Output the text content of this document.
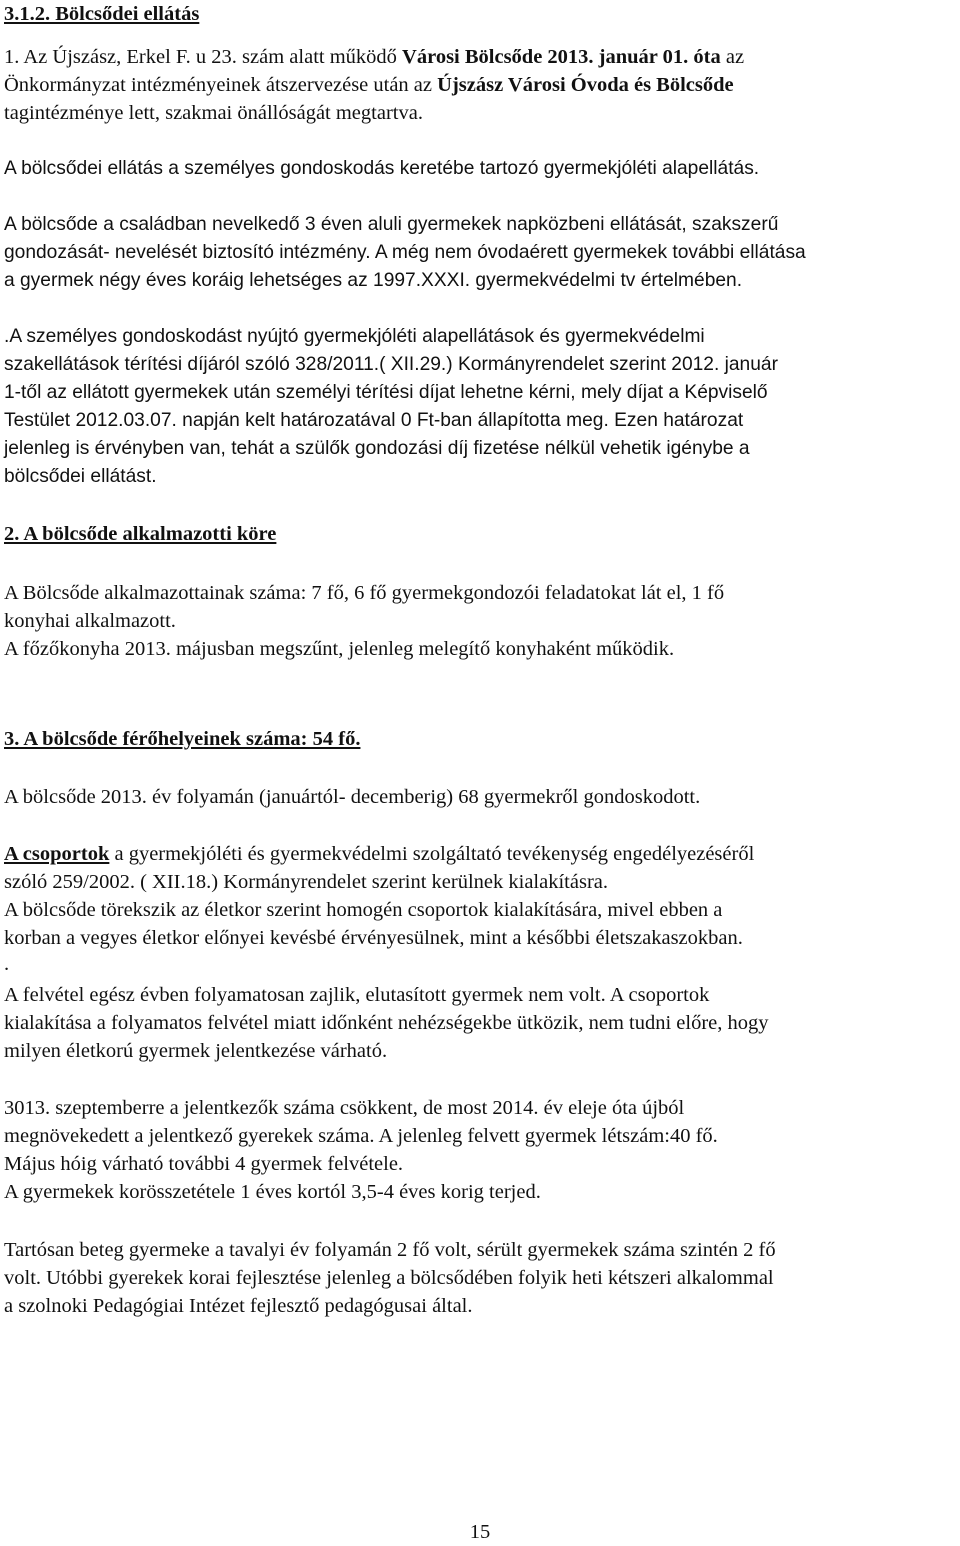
3.1.2. Bölcsődei ellátás
1. Az Újszász, Erkel F. u 23. szám alatt működő Városi Bölcsőde 2013. január 01. óta az
Önkormányzat intézményeinek átszervezése után az Újszász Városi Óvoda és Bölcsőde
tagintézménye lett, szakmai önállóságát megtartva.
A bölcsődei ellátás a személyes gondoskodás keretébe tartozó gyermekjóléti alapellátás.
A bölcsőde a családban nevelkedő 3 éven aluli gyermekek napközbeni ellátását, szakszerű
gondozását- nevelését biztosító intézmény. A még nem óvodaérett gyermekek további ellátása
a gyermek négy éves koráig lehetséges az 1997.XXXI. gyermekvédelmi tv értelmében.
.A személyes gondoskodást nyújtó gyermekjóléti alapellátások és gyermekvédelmi
szakellátások térítési díjáról szóló 328/2011.( XII.29.) Kormányrendelet szerint 2012. január
1-től az ellátott gyermekek után személyi térítési díjat lehetne kérni, mely díjat a Képviselő
Testület 2012.03.07. napján kelt határozatával 0 Ft-ban állapította meg. Ezen határozat
jelenleg is érvényben van, tehát a szülők gondozási díj fizetése nélkül vehetik igénybe a
bölcsődei ellátást.
2. A bölcsőde alkalmazotti köre
A Bölcsőde alkalmazottainak száma: 7 fő, 6 fő gyermekgondozói feladatokat lát el, 1 fő
konyhai alkalmazott.
A főzőkonyha 2013. májusban megszűnt, jelenleg melegítő konyhaként működik.
3. A bölcsőde férőhelyeinek száma: 54 fő.
A bölcsőde 2013. év folyamán (januártól- decemberig) 68 gyermekről gondoskodott.
A csoportok a gyermekjóléti és gyermekvédelmi szolgáltató tevékenység engedélyezéséről
szóló 259/2002. ( XII.18.) Kormányrendelet szerint kerülnek kialakításra.
A bölcsőde törekszik az életkor szerint homogén csoportok kialakítására, mivel ebben a
korban a vegyes életkor előnyei kevésbé érvényesülnek, mint a későbbi életszakaszokban.
.
A felvétel egész évben folyamatosan zajlik, elutasított gyermek nem volt. A csoportok
kialakítása a folyamatos felvétel miatt időnként nehézségekbe ütközik, nem tudni előre, hogy
milyen életkorú gyermek jelentkezése várható.
3013. szeptemberre a jelentkezők száma csökkent, de most 2014. év eleje óta újból
megnövekedett a jelentkező gyerekek száma. A jelenleg felvett gyermek létszám:40 fő.
Május hóig várható további 4 gyermek felvétele.
A gyermekek korösszetétele 1 éves kortól 3,5-4 éves korig terjed.
Tartósan beteg gyermeke a tavalyi év folyamán 2 fő volt, sérült gyermekek száma szintén 2 fő
volt. Utóbbi gyerekek korai fejlesztése jelenleg a bölcsődében folyik heti kétszeri alkalommal
a szolnoki Pedagógiai Intézet fejlesztő pedagógusai által.
15
